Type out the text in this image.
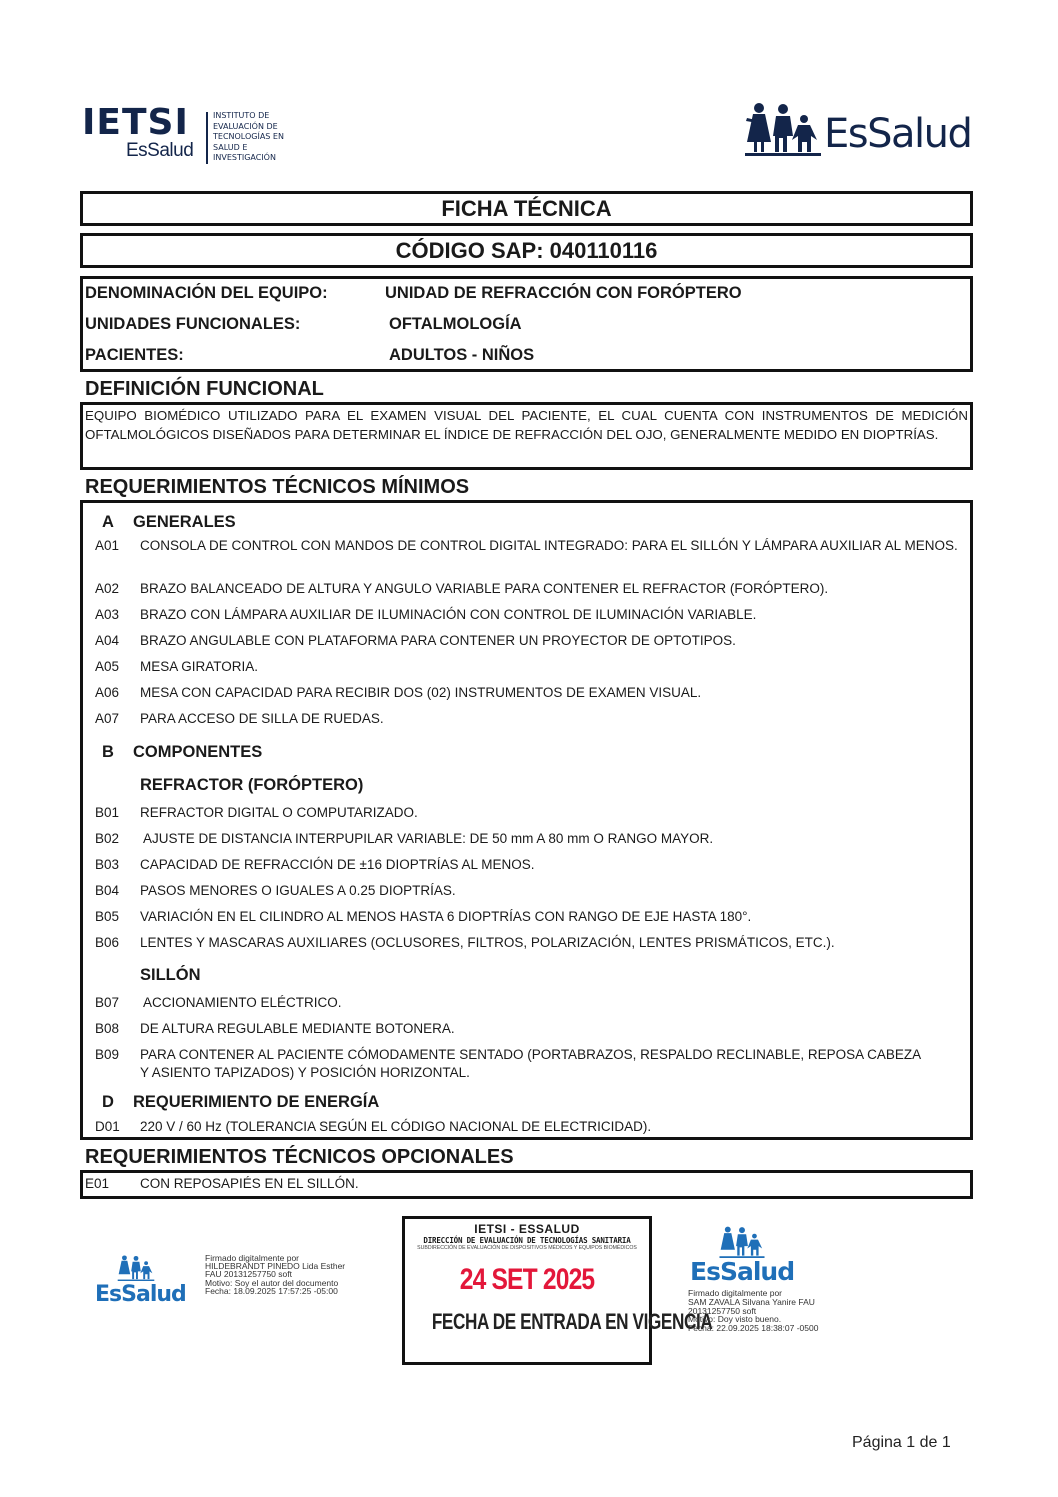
IETSI
EsSalud
INSTITUTO DE
EVALUACIÓN DE
TECNOLOGÍAS EN
SALUD E
INVESTIGACIÓN
EsSalud
FICHA TÉCNICA
CÓDIGO SAP: 040110116
DENOMINACIÓN DEL EQUIPO:	UNIDAD DE REFRACCIÓN CON FORÓPTERO
UNIDADES FUNCIONALES:	OFTALMOLOGÍA
PACIENTES:	ADULTOS - NIÑOS
DEFINICIÓN FUNCIONAL
EQUIPO BIOMÉDICO UTILIZADO PARA EL EXAMEN VISUAL DEL PACIENTE, EL CUAL CUENTA CON INSTRUMENTOS DE MEDICIÓN OFTALMOLÓGICOS DISEÑADOS PARA DETERMINAR EL ÍNDICE DE REFRACCIÓN DEL OJO, GENERALMENTE MEDIDO EN DIOPTRÍAS.
REQUERIMIENTOS TÉCNICOS MÍNIMOS
A	GENERALES
A01	CONSOLA DE CONTROL CON MANDOS DE CONTROL DIGITAL INTEGRADO: PARA EL SILLÓN Y LÁMPARA AUXILIAR AL MENOS.
A02	BRAZO BALANCEADO DE ALTURA Y ANGULO VARIABLE PARA CONTENER EL REFRACTOR (FORÓPTERO).
A03	BRAZO CON LÁMPARA AUXILIAR DE ILUMINACIÓN CON CONTROL DE ILUMINACIÓN VARIABLE.
A04	BRAZO ANGULABLE CON PLATAFORMA PARA CONTENER UN PROYECTOR DE OPTOTIPOS.
A05	MESA GIRATORIA.
A06	MESA CON CAPACIDAD PARA RECIBIR DOS (02) INSTRUMENTOS DE EXAMEN VISUAL.
A07	PARA ACCESO DE SILLA DE RUEDAS.
B	COMPONENTES
REFRACTOR (FORÓPTERO)
B01	REFRACTOR DIGITAL O COMPUTARIZADO.
B02	AJUSTE DE DISTANCIA INTERPUPILAR VARIABLE: DE 50 mm A 80 mm O RANGO MAYOR.
B03	CAPACIDAD DE REFRACCIÓN DE ±16 DIOPTRÍAS AL MENOS.
B04	PASOS MENORES O IGUALES A 0.25 DIOPTRÍAS.
B05	VARIACIÓN EN EL CILINDRO AL MENOS HASTA 6 DIOPTRÍAS CON RANGO DE EJE HASTA 180°.
B06	LENTES Y MASCARAS AUXILIARES (OCLUSORES, FILTROS, POLARIZACIÓN, LENTES PRISMÁTICOS, ETC.).
SILLÓN
B07	ACCIONAMIENTO ELÉCTRICO.
B08	DE ALTURA REGULABLE MEDIANTE BOTONERA.
B09	PARA CONTENER AL PACIENTE CÓMODAMENTE SENTADO (PORTABRAZOS, RESPALDO RECLINABLE, REPOSA CABEZA Y ASIENTO TAPIZADOS) Y POSICIÓN HORIZONTAL.
D	REQUERIMIENTO DE ENERGÍA
D01	220 V / 60 Hz (TOLERANCIA SEGÚN EL CÓDIGO NACIONAL DE ELECTRICIDAD).
REQUERIMIENTOS TÉCNICOS OPCIONALES
E01	CON REPOSAPIÉS EN EL SILLÓN.
EsSalud
Firmado digitalmente por
HILDEBRANDT PINEDO Lida Esther
FAU 20131257750 soft
Motivo: Soy el autor del documento
Fecha: 18.09.2025 17:57:25 -05:00
IETSI - ESSALUD
DIRECCIÓN DE EVALUACIÓN DE TECNOLOGÍAS SANITARIA
SUBDIRECCIÓN DE EVALUACIÓN DE DISPOSITIVOS MÉDICOS Y EQUIPOS BIOMÉDICOS
24 SET 2025
FECHA DE ENTRADA EN VIGENCIA
EsSalud
Firmado digitalmente por
SAM ZAVALA Silvana Yanire FAU
20131257750 soft
Motivo: Doy visto bueno.
Fecha: 22.09.2025 18:38:07 -0500
Página 1 de 1
